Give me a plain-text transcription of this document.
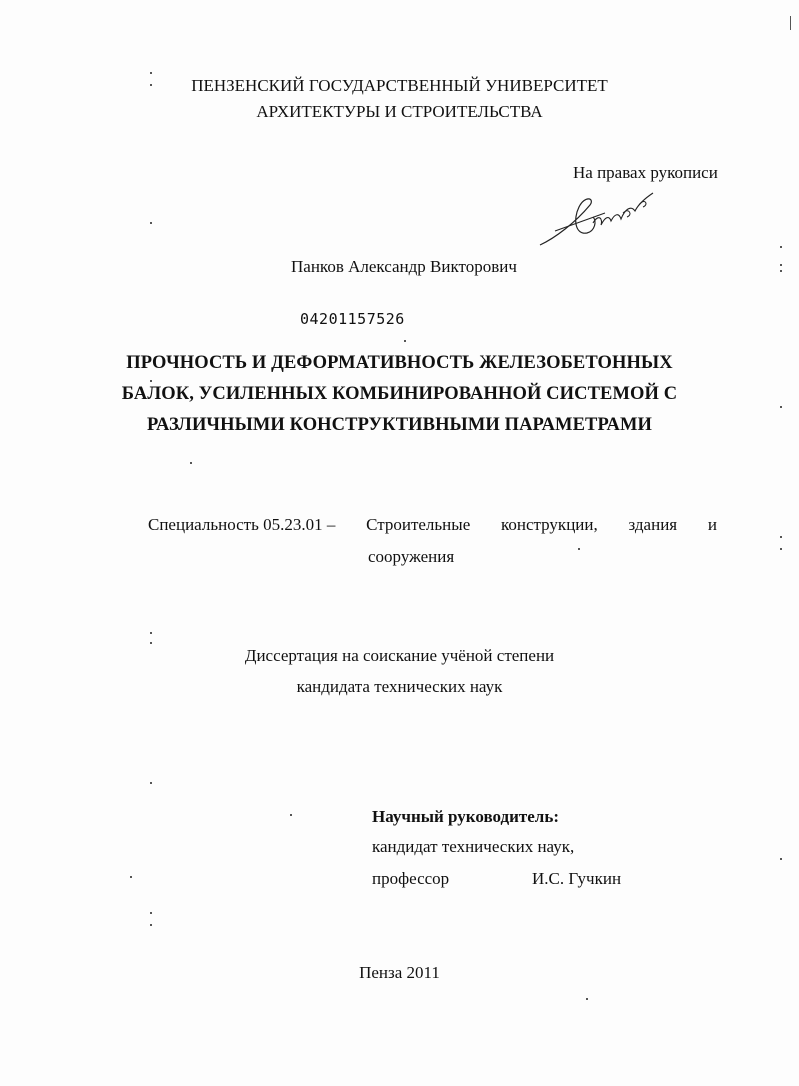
ПЕНЗЕНСКИЙ ГОСУДАРСТВЕННЫЙ УНИВЕРСИТЕТ
АРХИТЕКТУРЫ И СТРОИТЕЛЬСТВА
На правах рукописи
Панков Александр Викторович
04201157526
ПРОЧНОСТЬ И ДЕФОРМАТИВНОСТЬ ЖЕЛЕЗОБЕТОННЫХ
БАЛОК, УСИЛЕННЫХ КОМБИНИРОВАННОЙ СИСТЕМОЙ С
РАЗЛИЧНЫМИ КОНСТРУКТИВНЫМИ ПАРАМЕТРАМИ
Специальность 05.23.01 – Строительные конструкции, здания и
сооружения
Диссертация на соискание учёной степени
кандидата технических наук
Научный руководитель:
кандидат технических наук,
профессор	И.С. Гучкин
Пенза 2011
